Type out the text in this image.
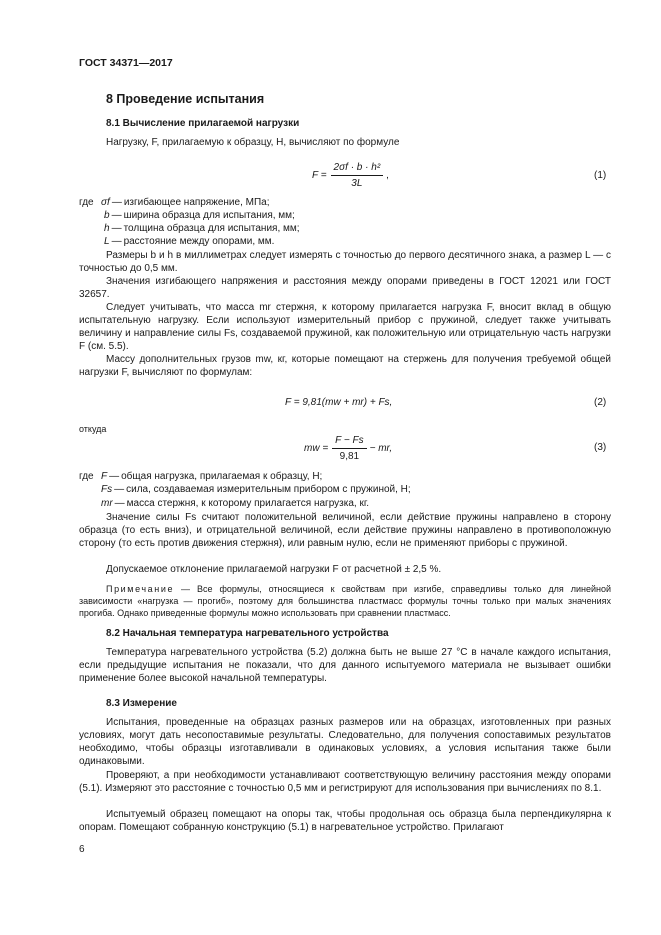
ГОСТ 34371—2017
8 Проведение испытания
8.1 Вычисление прилагаемой нагрузки
Нагрузку, F, прилагаемую к образцу, Н, вычисляют по формуле
$F = \frac{\text{2σf · b · h²}}{3L}$ ,	(1)
где σf — изгибающее напряжение, МПа;
b — ширина образца для испытания, мм;
h — толщина образца для испытания, мм;
L — расстояние между опорами, мм.
Размеры b и h в миллиметрах следует измерять с точностью до первого десятичного знака, а размер L — с точностью до 0,5 мм.
Значения изгибающего напряжения и расстояния между опорами приведены в ГОСТ 12021 или ГОСТ 32657.
Следует учитывать, что масса mr стержня, к которому прилагается нагрузка F, вносит вклад в общую испытательную нагрузку. Если используют измерительный прибор с пружиной, следует также учитывать величину и направление силы Fs, создаваемой пружиной, как положительную или отрицательную часть нагрузки F (см. 5.5).
Массу дополнительных грузов mw, кг, которые помещают на стержень для получения требуемой общей нагрузки F, вычисляют по формулам:
F = 9,81(mw + mr) + Fs,	(2)
откуда
mw = $\frac{F - Fs}{9,81}$ − mr,	(3)
где F — общая нагрузка, прилагаемая к образцу, Н;
Fs — сила, создаваемая измерительным прибором с пружиной, Н;
mr — масса стержня, к которому прилагается нагрузка, кг.
Значение силы Fs считают положительной величиной, если действие пружины направлено в сторону образца (то есть вниз), и отрицательной величиной, если действие пружины направлено в противоположную сторону (то есть против движения стержня), или равным нулю, если не применяют приборы с пружиной.
Допускаемое отклонение прилагаемой нагрузки F от расчетной ± 2,5 %.
Примечание — Все формулы, относящиеся к свойствам при изгибе, справедливы только для линейной зависимости «нагрузка — прогиб», поэтому для большинства пластмасс формулы точны только при малых значениях прогиба. Однако приведенные формулы можно использовать при сравнении пластмасс.
8.2 Начальная температура нагревательного устройства
Температура нагревательного устройства (5.2) должна быть не выше 27 °С в начале каждого испытания, если предыдущие испытания не показали, что для данного испытуемого материала не вызывает ошибки применение более высокой начальной температуры.
8.3 Измерение
Испытания, проведенные на образцах разных размеров или на образцах, изготовленных при разных условиях, могут дать несопоставимые результаты. Следовательно, для получения сопоставимых результатов необходимо, чтобы образцы изготавливали в одинаковых условиях, а условия испытания также были одинаковыми.
Проверяют, а при необходимости устанавливают соответствующую величину расстояния между опорами (5.1). Измеряют это расстояние с точностью 0,5 мм и регистрируют для использования при вычислениях по 8.1.
Испытуемый образец помещают на опоры так, чтобы продольная ось образца была перпендикулярна к опорам. Помещают собранную конструкцию (5.1) в нагревательное устройство. Прилагают
6
